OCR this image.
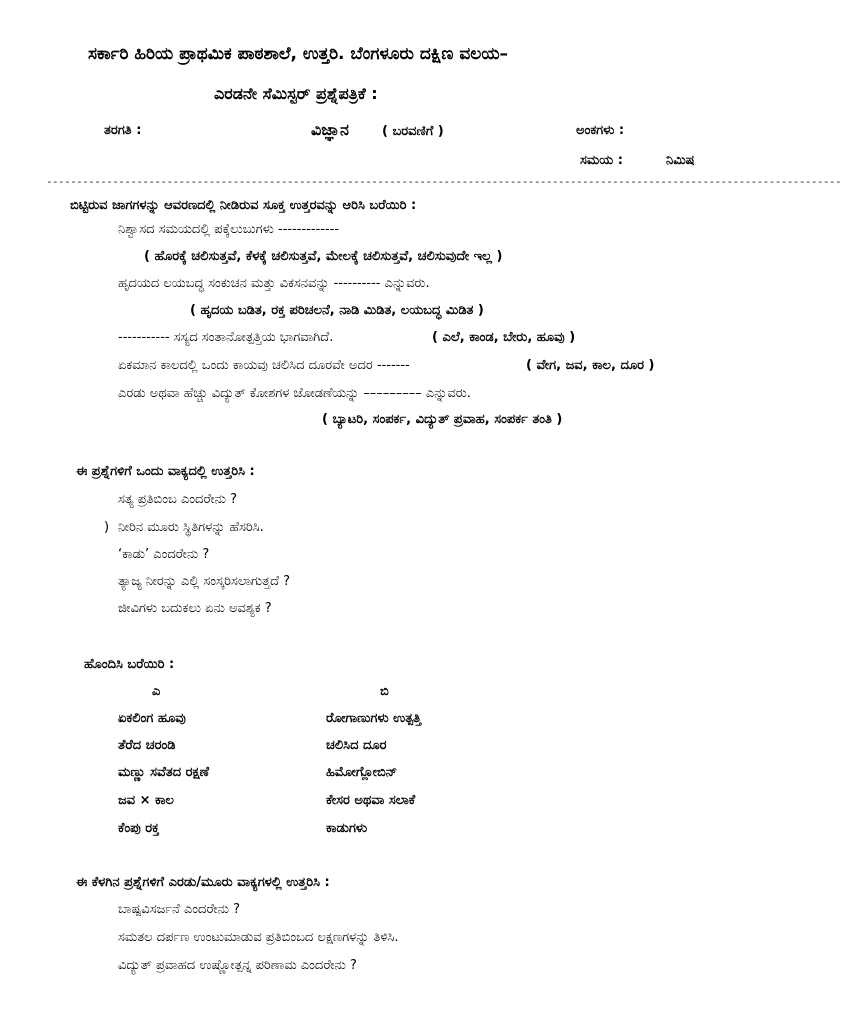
ಸರ್ಕಾರಿ ಹಿರಿಯ ಪ್ರಾಥಮಿಕ ಪಾಠಶಾಲೆ, ಉತ್ತರಿ. ಬೆಂಗಳೂರು ದಕ್ಷಿಣ ವಲಯ–
ಎರಡನೇ ಸೆಮಿಸ್ಟರ್ ಪ್ರಶ್ನೆಪತ್ರಿಕೆ :
ತರಗತಿ :	ವಿಜ್ಞಾನ	( ಬರವಣಿಗೆ )	ಅಂಕಗಳು :
ಸಮಯ :	ನಿಮಿಷ
------------------------------------------------------------------------------------------------------------------------------------
ಬಿಟ್ಟಿರುವ ಜಾಗಗಳನ್ನು ಆವರಣದಲ್ಲಿ ನೀಡಿರುವ ಸೂಕ್ತ ಉತ್ತರವನ್ನು ಆರಿಸಿ ಬರೆಯಿರಿ :
ನಿಶ್ವಾಸದ ಸಮಯದಲ್ಲಿ ಪಕ್ಕೆಲುಬುಗಳು -------------
( ಹೊರಕ್ಕೆ ಚಲಿಸುತ್ತವೆ, ಕೆಳಕ್ಕೆ ಚಲಿಸುತ್ತವೆ, ಮೇಲಕ್ಕೆ ಚಲಿಸುತ್ತವೆ, ಚಲಿಸುವುದೇ ಇಲ್ಲ )
ಹೃದಯದ ಲಯಬದ್ಧ ಸಂಕುಚನ ಮತ್ತು ವಿಕಸನವನ್ನು ---------- ಎನ್ನುವರು.
( ಹೃದಯ ಬಡಿತ, ರಕ್ತ ಪರಿಚಲನೆ, ನಾಡಿ ಮಿಡಿತ, ಲಯಬದ್ಧ ಮಿಡಿತ )
----------- ಸಸ್ಯದ ಸಂತಾನೋತ್ಪತ್ತಿಯ ಭಾಗವಾಗಿದೆ.	( ಎಲೆ, ಕಾಂಡ, ಬೇರು, ಹೂವು )
ಏಕಮಾನ ಕಾಲದಲ್ಲಿ ಒಂದು ಕಾಯವು ಚಲಿಸಿದ ದೂರವೇ ಅದರ -------	( ವೇಗ, ಜವ, ಕಾಲ, ದೂರ )
ಎರಡು ಅಥವಾ ಹೆಚ್ಚು ವಿದ್ಯುತ್ ಕೋಶಗಳ ಜೋಡಣೆಯನ್ನು ––––––––– ಎನ್ನುವರು.
( ಬ್ಯಾಟರಿ, ಸಂಪರ್ಕ, ವಿದ್ಯುತ್ ಪ್ರವಾಹ, ಸಂಪರ್ಕ ತಂತಿ )
ಈ ಪ್ರಶ್ನೆಗಳಿಗೆ ಒಂದು ವಾಕ್ಯದಲ್ಲಿ ಉತ್ತರಿಸಿ :
ಸತ್ಯ ಪ್ರತಿಬಿಂಬ ಎಂದರೇನು ?
) ನೀರಿನ ಮೂರು ಸ್ಥಿತಿಗಳನ್ನು ಹೆಸರಿಸಿ.
‘ಕಾಡು’ ಎಂದರೇನು ?
ತ್ಯಾಜ್ಯ ನೀರನ್ನು ಎಲ್ಲಿ ಸಂಸ್ಕರಿಸಲಾಗುತ್ತದೆ ?
ಜೀವಿಗಳು ಬದುಕಲು ಏನು ಅವಶ್ಯಕ ?
ಹೊಂದಿಸಿ ಬರೆಯಿರಿ :
ಎ	ಬಿ
ಏಕಲಿಂಗ ಹೂವು	ರೋಗಾಣುಗಳು ಉತ್ಪತ್ತಿ
ತೆರೆದ ಚರಂಡಿ	ಚಲಿಸಿದ ದೂರ
ಮಣ್ಣು ಸವೆತದ ರಕ್ಷಣೆ	ಹಿಮೋಗ್ಲೋಬಿನ್
ಜವ × ಕಾಲ	ಕೇಸರ ಅಥವಾ ಸಲಾಕೆ
ಕೆಂಪು ರಕ್ತ	ಕಾಡುಗಳು
ಈ ಕೆಳಗಿನ ಪ್ರಶ್ನೆಗಳಿಗೆ ಎರಡು/ಮೂರು ವಾಕ್ಯಗಳಲ್ಲಿ ಉತ್ತರಿಸಿ :
ಬಾಷ್ಪವಿಸರ್ಜನೆ ಎಂದರೇನು ?
ಸಮತಲ ದರ್ಪಣ ಉಂಟುಮಾಡುವ ಪ್ರತಿಬಿಂಬದ ಲಕ್ಷಣಗಳನ್ನು ತಿಳಿಸಿ.
ವಿದ್ಯುತ್ ಪ್ರವಾಹದ ಉಷ್ಣೋತ್ಪನ್ನ ಪರಿಣಾಮ ಎಂದರೇನು ?
